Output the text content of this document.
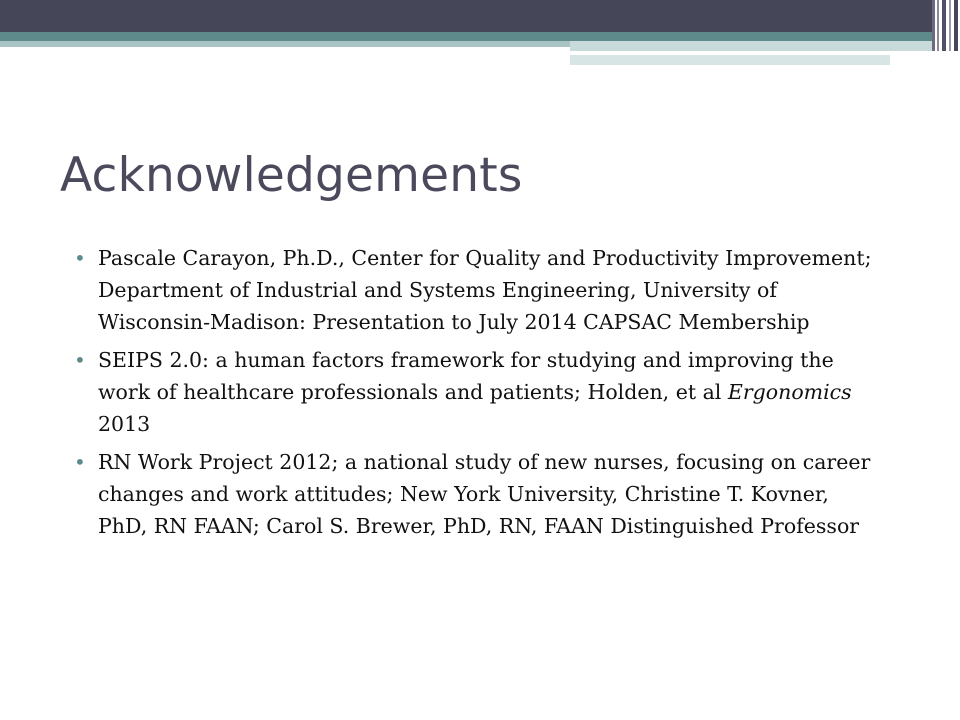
Acknowledgements
• Pascale Carayon, Ph.D., Center for Quality and Productivity Improvement; Department of Industrial and Systems Engineering, University of Wisconsin-Madison: Presentation to July 2014 CAPSAC Membership
• SEIPS 2.0: a human factors framework for studying and improving the work of healthcare professionals and patients; Holden, et al Ergonomics 2013
• RN Work Project 2012; a national study of new nurses, focusing on career changes and work attitudes; New York University, Christine T. Kovner, PhD, RN FAAN; Carol S. Brewer, PhD, RN, FAAN Distinguished Professor
